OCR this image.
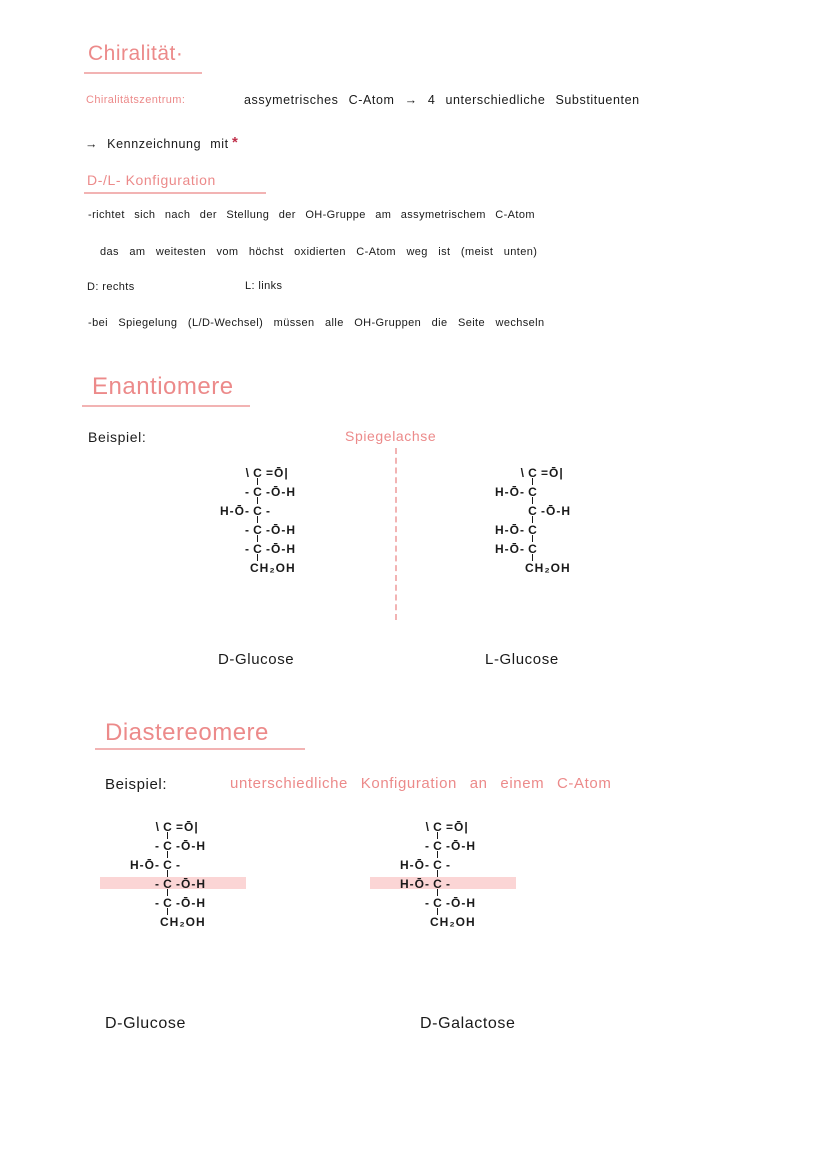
Chiralität·
Chiralitätszentrum:	assymetrisches C-Atom → 4 unterschiedliche Substituenten
→ Kennzeichnung mit *
D-/L- Konfiguration
-richtet sich nach der Stellung der OH-Gruppe am assymetrischem C-Atom
das am weitesten vom höchst oxidierten C-Atom weg ist (meist unten)
D: rechts	L: links
-bei Spiegelung (L/D-Wechsel) müssen alle OH-Gruppen die Seite wechseln
Enantiomere
Beispiel:	Spiegelachse
\ C =Ō|
- C -Ō-H
H-Ō- C -
- C -Ō-H
- C -Ō-H
CH₂OH
\ C =Ō|
H-Ō- C
C -Ō-H
H-Ō- C
H-Ō- C
CH₂OH
D-Glucose	L-Glucose
Diastereomere
Beispiel:	unterschiedliche Konfiguration an einem C-Atom
\ C =Ō|
- C -Ō-H
H-Ō- C -
- C -Ō-H
- C -Ō-H
CH₂OH
\ C =Ō|
- C -Ō-H
H-Ō- C -
H-Ō- C -
- C -Ō-H
CH₂OH
D-Glucose	D-Galactose
